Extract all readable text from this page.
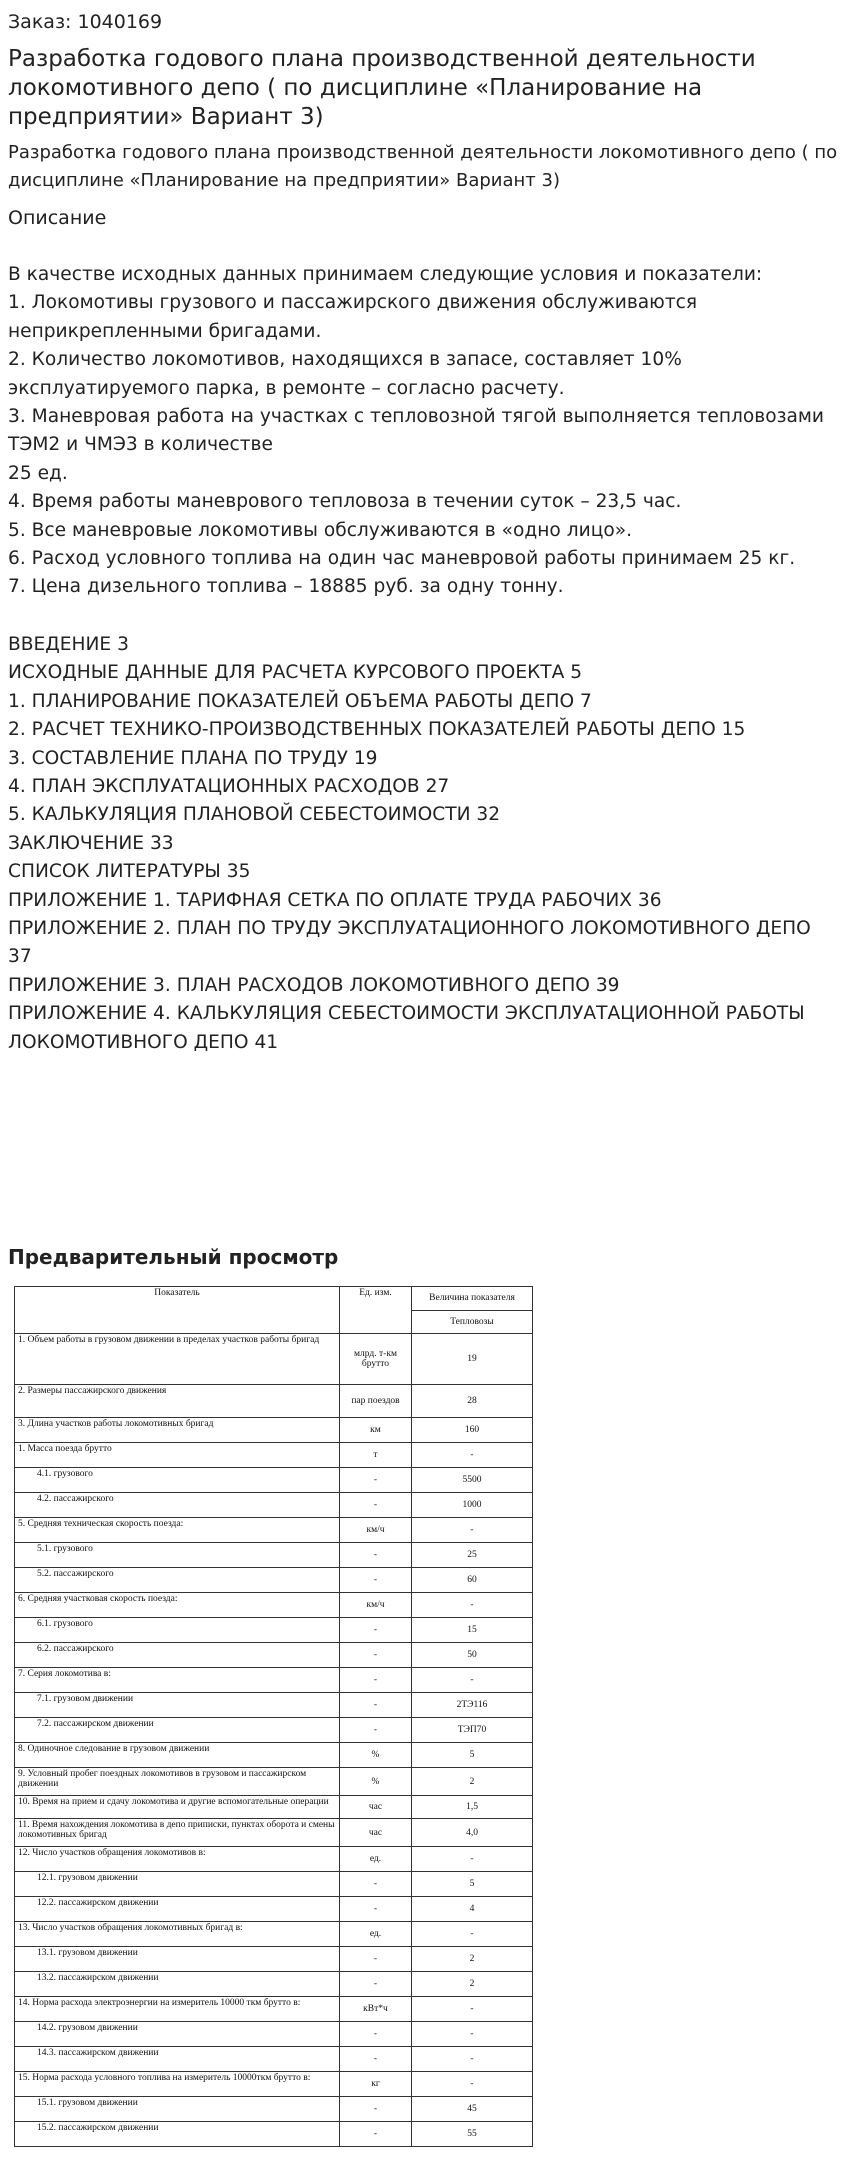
Заказ: 1040169
Разработка годового плана производственной деятельности локомотивного депо ( по дисциплине «Планирование на предприятии» Вариант 3)
Разработка годового плана производственной деятельности локомотивного депо ( по дисциплине «Планирование на предприятии» Вариант 3)
Описание
В качестве исходных данных принимаем следующие условия и показатели:
1. Локомотивы грузового и пассажирского движения обслуживаются неприкрепленными бригадами.
2. Количество локомотивов, находящихся в запасе, составляет 10% эксплуатируемого парка, в ремонте – согласно расчету.
3. Маневровая работа на участках с тепловозной тягой выполняется тепловозами ТЭМ2 и ЧМЭ3 в количестве
25 ед.
4. Время работы маневрового тепловоза в течении суток – 23,5 час.
5. Все маневровые локомотивы обслуживаются в «одно лицо».
6. Расход условного топлива на один час маневровой работы принимаем 25 кг.
7. Цена дизельного топлива – 18885 руб. за одну тонну.
ВВЕДЕНИЕ 3
ИСХОДНЫЕ ДАННЫЕ ДЛЯ РАСЧЕТА КУРСОВОГО ПРОЕКТА 5
1. ПЛАНИРОВАНИЕ ПОКАЗАТЕЛЕЙ ОБЪЕМА РАБОТЫ ДЕПО 7
2. РАСЧЕТ ТЕХНИКО-ПРОИЗВОДСТВЕННЫХ ПОКАЗАТЕЛЕЙ РАБОТЫ ДЕПО 15
3. СОСТАВЛЕНИЕ ПЛАНА ПО ТРУДУ 19
4. ПЛАН ЭКСПЛУАТАЦИОННЫХ РАСХОДОВ 27
5. КАЛЬКУЛЯЦИЯ ПЛАНОВОЙ СЕБЕСТОИМОСТИ 32
ЗАКЛЮЧЕНИЕ 33
СПИСОК ЛИТЕРАТУРЫ 35
ПРИЛОЖЕНИЕ 1. ТАРИФНАЯ СЕТКА ПО ОПЛАТЕ ТРУДА РАБОЧИХ 36
ПРИЛОЖЕНИЕ 2. ПЛАН ПО ТРУДУ ЭКСПЛУАТАЦИОННОГО ЛОКОМОТИВНОГО ДЕПО 37
ПРИЛОЖЕНИЕ 3. ПЛАН РАСХОДОВ ЛОКОМОТИВНОГО ДЕПО 39
ПРИЛОЖЕНИЕ 4. КАЛЬКУЛЯЦИЯ СЕБЕСТОИМОСТИ ЭКСПЛУАТАЦИОННОЙ РАБОТЫ ЛОКОМОТИВНОГО ДЕПО 41
Предварительный просмотр
Показатель	Ед. изм.	Величина показателя
		Тепловозы
1. Объем работы в грузовом движении в пределах участков работы бригад	млрд. т-км брутто	19
2. Размеры пассажирского движения	пар поездов	28
3. Длина участков работы локомотивных бригад	км	160
1. Масса поезда брутто	т	-
4.1. грузового	-	5500
4.2. пассажирского	-	1000
5. Средняя техническая скорость поезда:	км/ч	-
5.1. грузового	-	25
5.2. пассажирского	-	60
6. Средняя участковая скорость поезда:	км/ч	-
6.1. грузового	-	15
6.2. пассажирского	-	50
7. Серия локомотива в:	-	-
7.1. грузовом движении	-	2ТЭ116
7.2. пассажирском движении	-	ТЭП70
8. Одиночное следование в грузовом движении	%	5
9. Условный пробег поездных локомотивов в грузовом и пассажирском движении	%	2
10. Время на прием и сдачу локомотива и другие вспомогательные операции	час	1,5
11. Время нахождения локомотива в депо приписки, пунктах оборота и смены локомотивных бригад	час	4,0
12. Число участков обращения локомотивов в:	ед.	-
12.1. грузовом движении	-	5
12.2. пассажирском движении	-	4
13. Число участков обращения локомотивных бригад в:	ед.	-
13.1. грузовом движении	-	2
13.2. пассажирском движении	-	2
14. Норма расхода электроэнергии на измеритель 10000 ткм брутто в:	кВт*ч	-
14.2. грузовом движении	-	-
14.3. пассажирском движении	-	-
15. Норма расхода условного топлива на измеритель 10000ткм брутто в:	кг	-
15.1. грузовом движении	-	45
15.2. пассажирском движении	-	55
